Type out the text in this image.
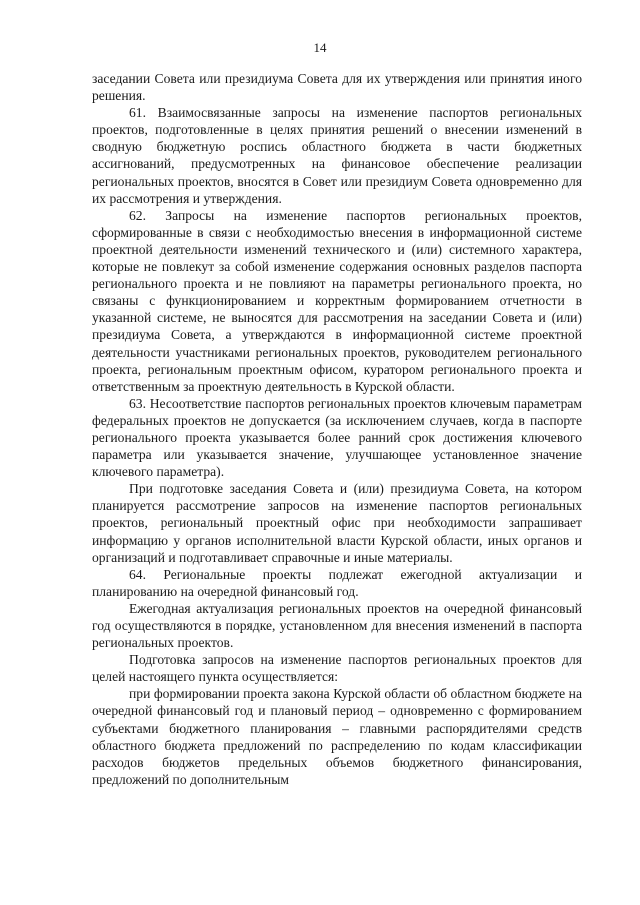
14

заседании Совета или президиума Совета для их утверждения или принятия иного решения.

61. Взаимосвязанные запросы на изменение паспортов региональных проектов, подготовленные в целях принятия решений о внесении изменений в сводную бюджетную роспись областного бюджета в части бюджетных ассигнований, предусмотренных на финансовое обеспечение реализации региональных проектов, вносятся в Совет или президиум Совета одновременно для их рассмотрения и утверждения.

62. Запросы на изменение паспортов региональных проектов, сформированные в связи с необходимостью внесения в информационной системе проектной деятельности изменений технического и (или) системного характера, которые не повлекут за собой изменение содержания основных разделов паспорта регионального проекта и не повлияют на параметры регионального проекта, но связаны с функционированием и корректным формированием отчетности в указанной системе, не выносятся для рассмотрения на заседании Совета и (или) президиума Совета, а утверждаются в информационной системе проектной деятельности участниками региональных проектов, руководителем регионального проекта, региональным проектным офисом, куратором регионального проекта и ответственным за проектную деятельность в Курской области.

63. Несоответствие паспортов региональных проектов ключевым параметрам федеральных проектов не допускается (за исключением случаев, когда в паспорте регионального проекта указывается более ранний срок достижения ключевого параметра или указывается значение, улучшающее установленное значение ключевого параметра).

При подготовке заседания Совета и (или) президиума Совета, на котором планируется рассмотрение запросов на изменение паспортов региональных проектов, региональный проектный офис при необходимости запрашивает информацию у органов исполнительной власти Курской области, иных органов и организаций и подготавливает справочные и иные материалы.

64. Региональные проекты подлежат ежегодной актуализации и планированию на очередной финансовый год.

Ежегодная актуализация региональных проектов на очередной финансовый год осуществляются в порядке, установленном для внесения изменений в паспорта региональных проектов.

Подготовка запросов на изменение паспортов региональных проектов для целей настоящего пункта осуществляется:

при формировании проекта закона Курской области об областном бюджете на очередной финансовый год и плановый период – одновременно с формированием субъектами бюджетного планирования – главными распорядителями средств областного бюджета предложений по распределению по кодам классификации расходов бюджетов предельных объемов бюджетного финансирования, предложений по дополнительным
